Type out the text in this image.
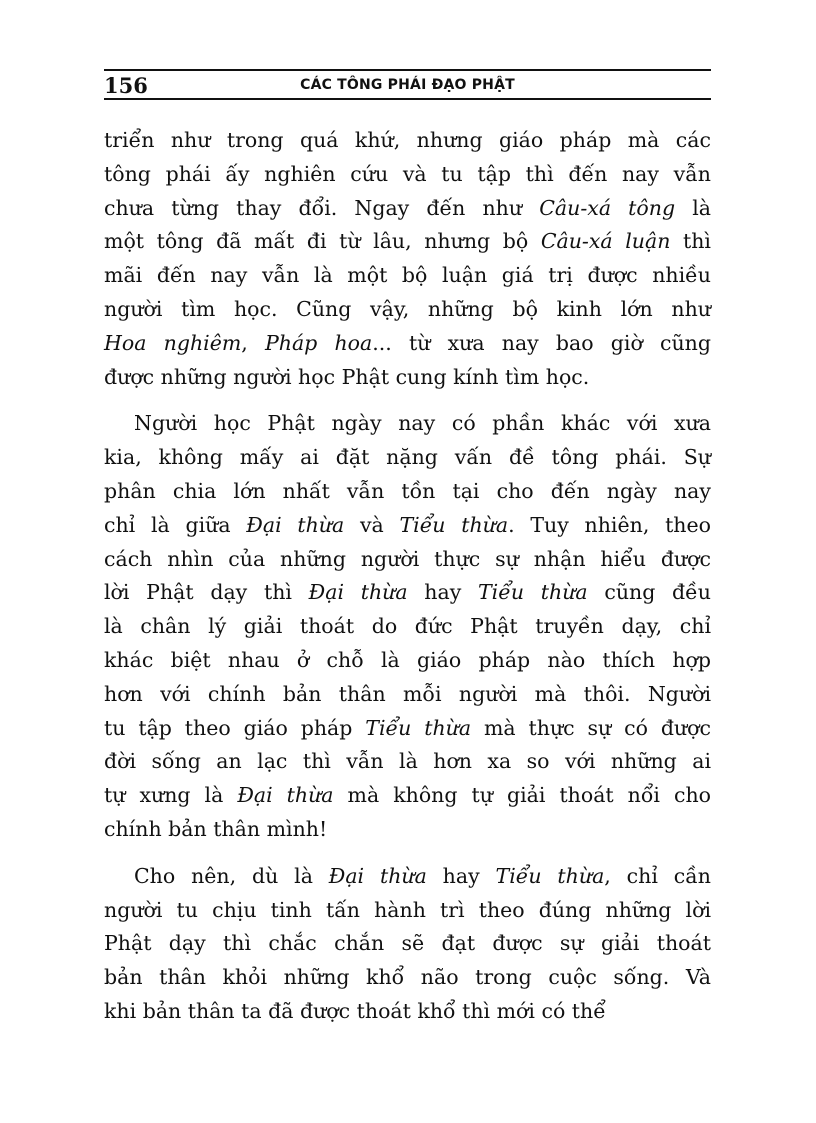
156	CÁC TÔNG PHÁI ĐẠO PHẬT

triển như trong quá khứ, nhưng giáo pháp mà các
tông phái ấy nghiên cứu và tu tập thì đến nay vẫn
chưa từng thay đổi. Ngay đến như Câu-xá tông là
một tông đã mất đi từ lâu, nhưng bộ Câu-xá luận thì
mãi đến nay vẫn là một bộ luận giá trị được nhiều
người tìm học. Cũng vậy, những bộ kinh lớn như
Hoa nghiêm, Pháp hoa... từ xưa nay bao giờ cũng
được những người học Phật cung kính tìm học.

Người học Phật ngày nay có phần khác với xưa
kia, không mấy ai đặt nặng vấn đề tông phái. Sự
phân chia lớn nhất vẫn tồn tại cho đến ngày nay
chỉ là giữa Đại thừa và Tiểu thừa. Tuy nhiên, theo
cách nhìn của những người thực sự nhận hiểu được
lời Phật dạy thì Đại thừa hay Tiểu thừa cũng đều
là chân lý giải thoát do đức Phật truyền dạy, chỉ
khác biệt nhau ở chỗ là giáo pháp nào thích hợp
hơn với chính bản thân mỗi người mà thôi. Người
tu tập theo giáo pháp Tiểu thừa mà thực sự có được
đời sống an lạc thì vẫn là hơn xa so với những ai
tự xưng là Đại thừa mà không tự giải thoát nổi cho
chính bản thân mình!

Cho nên, dù là Đại thừa hay Tiểu thừa, chỉ cần
người tu chịu tinh tấn hành trì theo đúng những lời
Phật dạy thì chắc chắn sẽ đạt được sự giải thoát
bản thân khỏi những khổ não trong cuộc sống. Và
khi bản thân ta đã được thoát khổ thì mới có thể
